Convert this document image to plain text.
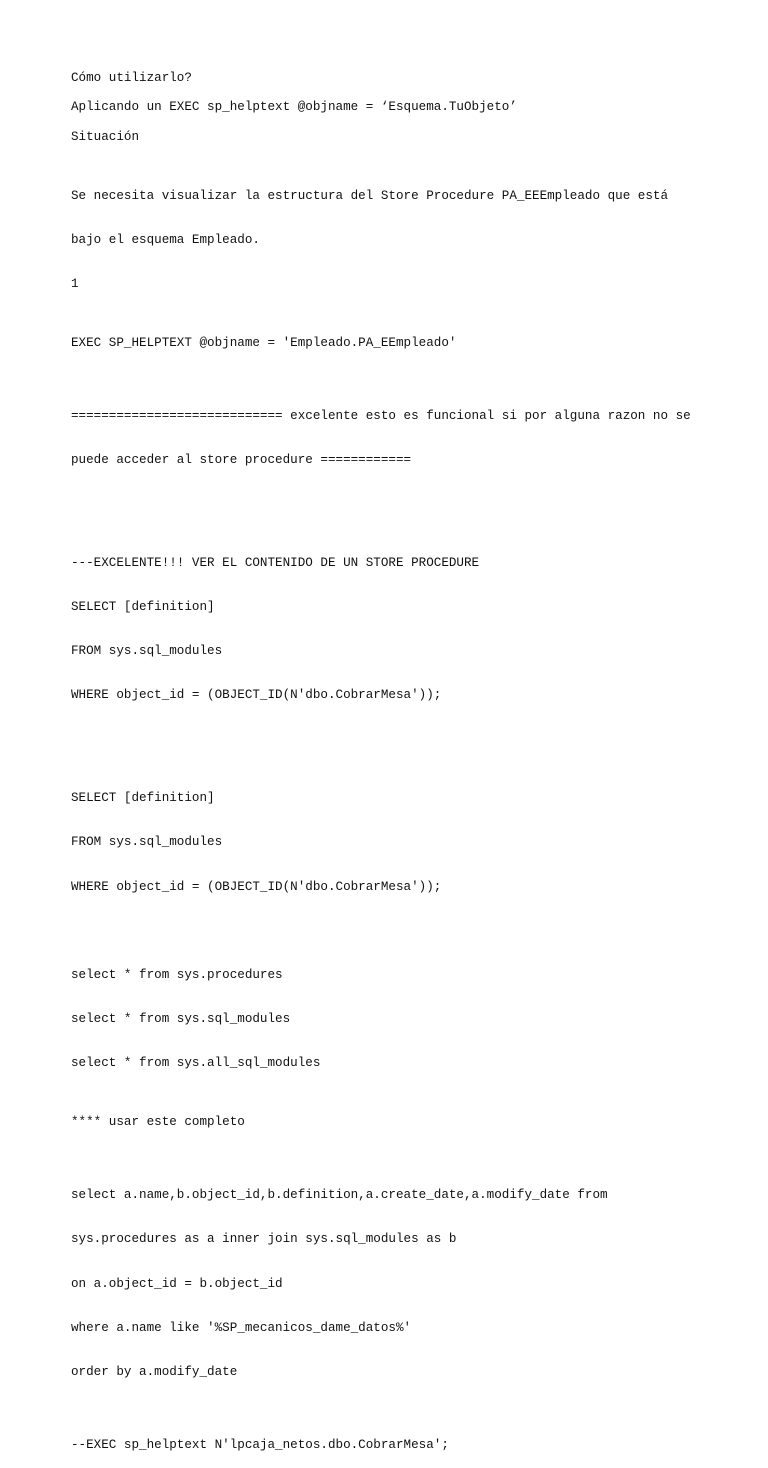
Cómo utilizarlo?
Aplicando un EXEC sp_helptext @objname = ‘Esquema.TuObjeto’
Situación

Se necesita visualizar la estructura del Store Procedure PA_EEEmpleado que está

bajo el esquema Empleado.

1

EXEC SP_HELPTEXT @objname = 'Empleado.PA_EEmpleado'

============================ excelente esto es funcional si por alguna razon no se

puede acceder al store procedure ============

---EXCELENTE!!! VER EL CONTENIDO DE UN STORE PROCEDURE

SELECT [definition]

FROM sys.sql_modules

WHERE object_id = (OBJECT_ID(N'dbo.CobrarMesa'));

SELECT [definition]

FROM sys.sql_modules

WHERE object_id = (OBJECT_ID(N'dbo.CobrarMesa'));

select * from sys.procedures

select * from sys.sql_modules

select * from sys.all_sql_modules

**** usar este completo

select a.name,b.object_id,b.definition,a.create_date,a.modify_date from

sys.procedures as a inner join sys.sql_modules as b

on a.object_id = b.object_id

where a.name like '%SP_mecanicos_dame_datos%'

order by a.modify_date

--EXEC sp_helptext N'lpcaja_netos.dbo.CobrarMesa';
